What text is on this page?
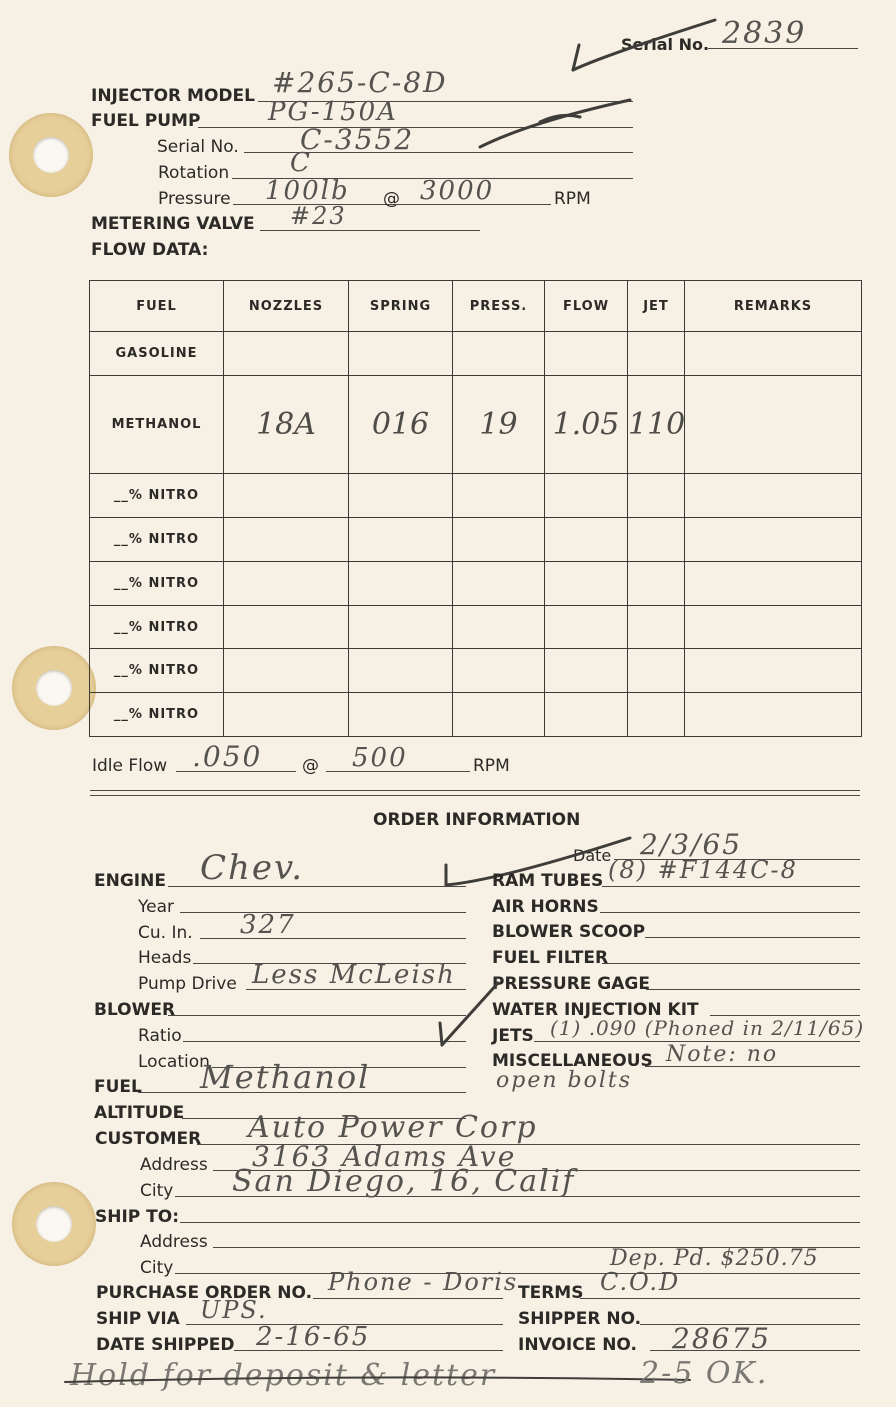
Serial No. 2839
INJECTOR MODEL #265-C-8D
FUEL PUMP	PG-150A
Serial No. C-3552
Rotation C
Pressure 100lb @ 3000	RPM
METERING VALVE #23
FLOW DATA:
FUEL	NOZZLES	SPRING	PRESS.	FLOW	JET	REMARKS
GASOLINE						
METHANOL	18A	016	19	1.05	110	
__% NITRO						
__% NITRO						
__% NITRO						
__% NITRO						
__% NITRO						
__% NITRO						
Idle Flow .050 @ 500	RPM
ORDER INFORMATION
Date 2/3/65
ENGINE Chev.
Year
Cu. In. 327
Heads
Pump Drive Less McLeish
BLOWER
Ratio
Location
FUEL Methanol
ALTITUDE
RAM TUBES (8) #F144C-8
AIR HORNS
BLOWER SCOOP
FUEL FILTER
PRESSURE GAGE
WATER INJECTION KIT
JETS (1) .090 (Phoned in 2/11/65)
MISCELLANEOUS Note: no
open bolts
CUSTOMER Auto Power Corp
Address 3163 Adams Ave
City San Diego, 16, Calif
SHIP TO:
Address
City	Dep. Pd. $250.75
PURCHASE ORDER NO. Phone - Doris TERMS C.O.D
SHIP VIA UPS.	SHIPPER NO.
DATE SHIPPED 2-16-65	INVOICE NO. 28675
Hold for deposit & letter	2-5 OK.
